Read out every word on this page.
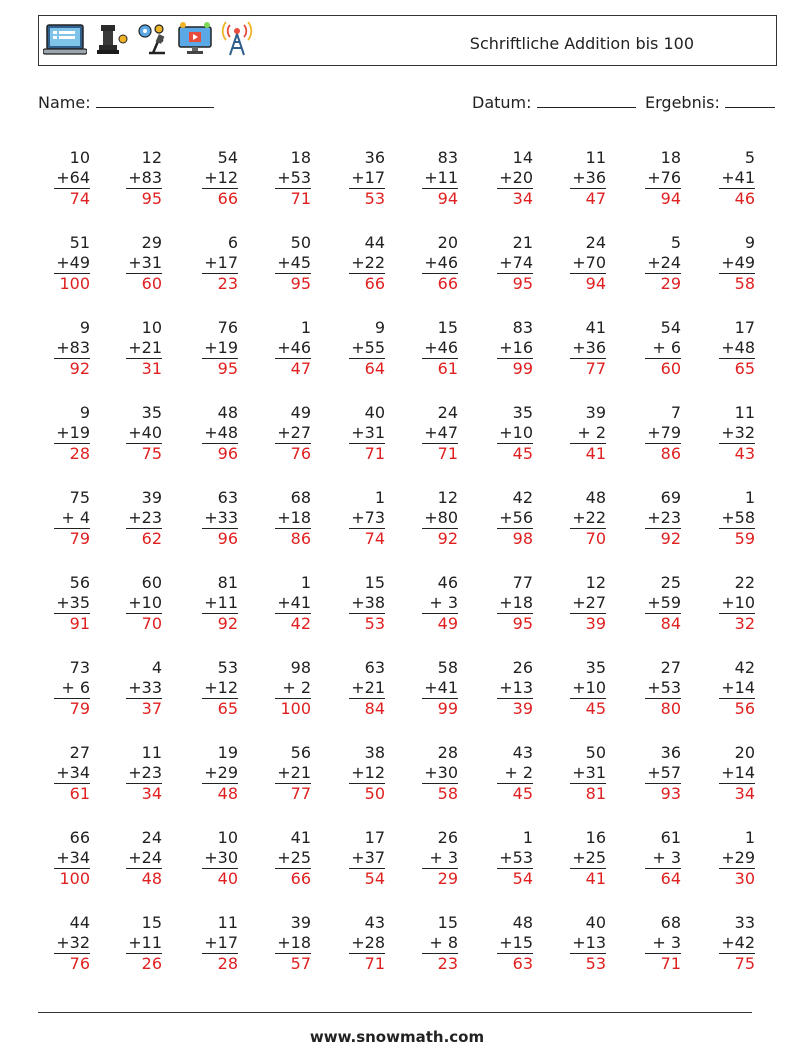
Schriftliche Addition bis 100
Name:	Datum:	Ergebnis:
10
+64
74
12
+83
95
54
+12
66
18
+53
71
36
+17
53
83
+11
94
14
+20
34
11
+36
47
18
+76
94
5
+41
46
51
+49
100
29
+31
60
6
+17
23
50
+45
95
44
+22
66
20
+46
66
21
+74
95
24
+70
94
5
+24
29
9
+49
58
9
+83
92
10
+21
31
76
+19
95
1
+46
47
9
+55
64
15
+46
61
83
+16
99
41
+36
77
54
+ 6
60
17
+48
65
9
+19
28
35
+40
75
48
+48
96
49
+27
76
40
+31
71
24
+47
71
35
+10
45
39
+ 2
41
7
+79
86
11
+32
43
75
+ 4
79
39
+23
62
63
+33
96
68
+18
86
1
+73
74
12
+80
92
42
+56
98
48
+22
70
69
+23
92
1
+58
59
56
+35
91
60
+10
70
81
+11
92
1
+41
42
15
+38
53
46
+ 3
49
77
+18
95
12
+27
39
25
+59
84
22
+10
32
73
+ 6
79
4
+33
37
53
+12
65
98
+ 2
100
63
+21
84
58
+41
99
26
+13
39
35
+10
45
27
+53
80
42
+14
56
27
+34
61
11
+23
34
19
+29
48
56
+21
77
38
+12
50
28
+30
58
43
+ 2
45
50
+31
81
36
+57
93
20
+14
34
66
+34
100
24
+24
48
10
+30
40
41
+25
66
17
+37
54
26
+ 3
29
1
+53
54
16
+25
41
61
+ 3
64
1
+29
30
44
+32
76
15
+11
26
11
+17
28
39
+18
57
43
+28
71
15
+ 8
23
48
+15
63
40
+13
53
68
+ 3
71
33
+42
75
www.snowmath.com
